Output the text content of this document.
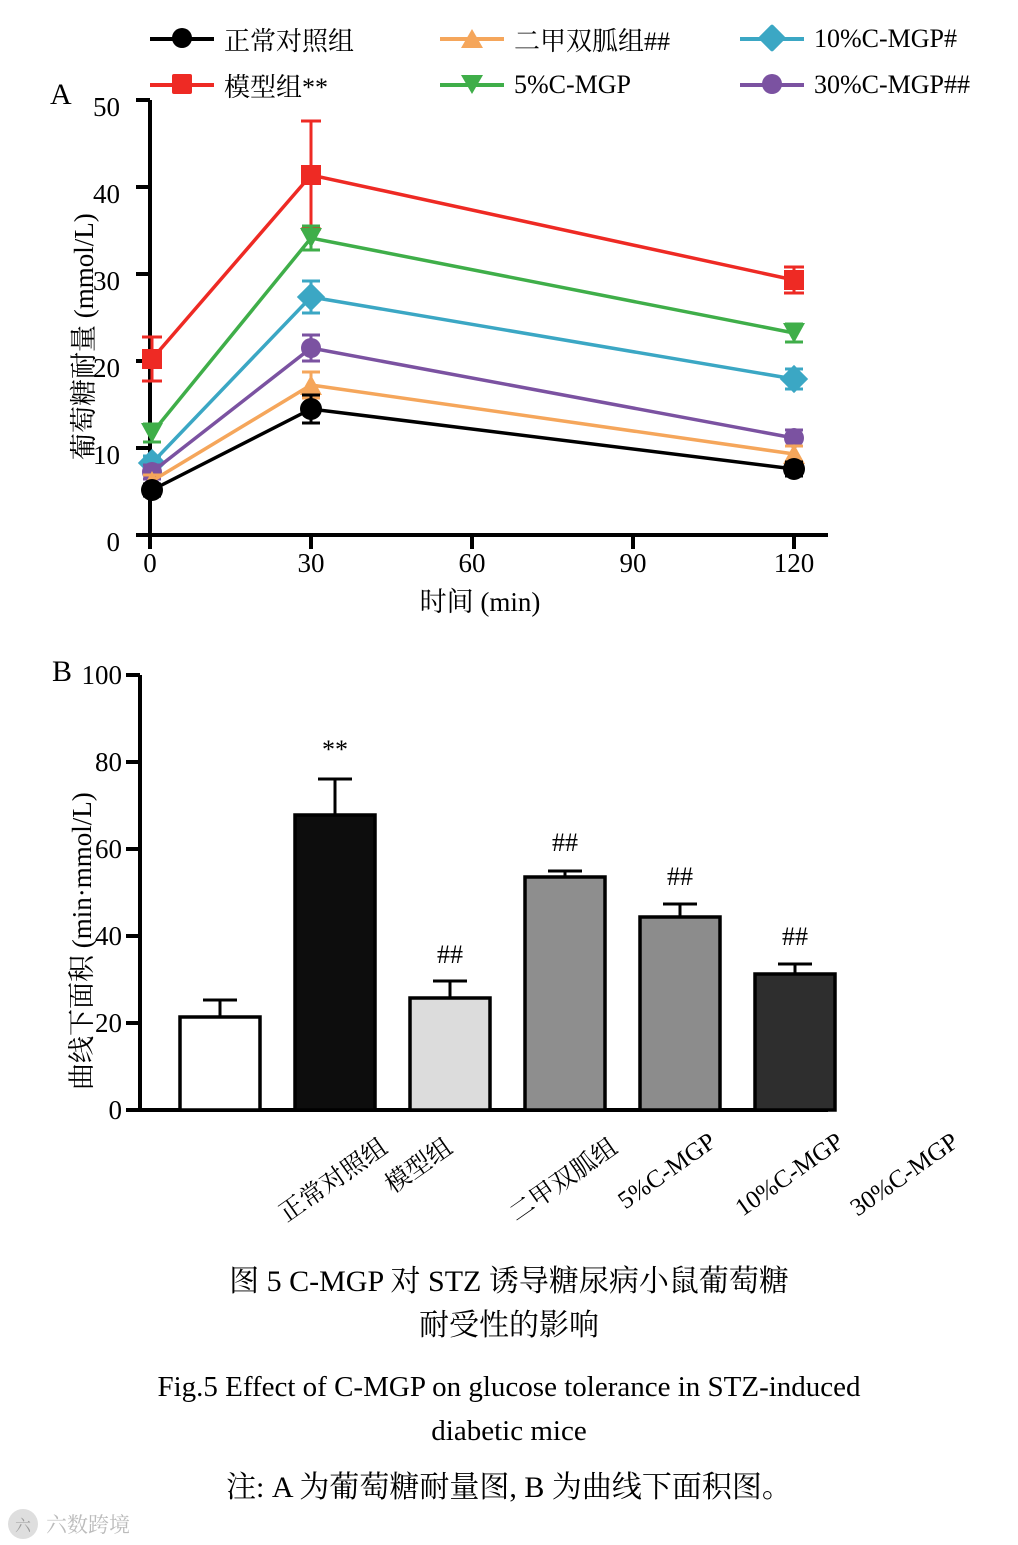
正常对照组	二甲双胍组##	10%C-MGP#
模型组**	5%C-MGP	30%C-MGP##
A
葡萄糖耐量 (mmol/L)
时间 (min)
0
10
20
30
40
50
0	30	60	90	120
B
曲线下面积 (min·mmol/L)
0
20
40
60
80
100
**
##
##
##
##
正常对照组
模型组 二甲双胍组
5%C-MGP 10%C-MGP
30%C-MGP
图 5 C-MGP 对 STZ 诱导糖尿病小鼠葡萄糖
耐受性的影响
Fig.5 Effect of C-MGP on glucose tolerance in STZ-induced
diabetic mice
注: A 为葡萄糖耐量图, B 为曲线下面积图。
六 六数跨境
